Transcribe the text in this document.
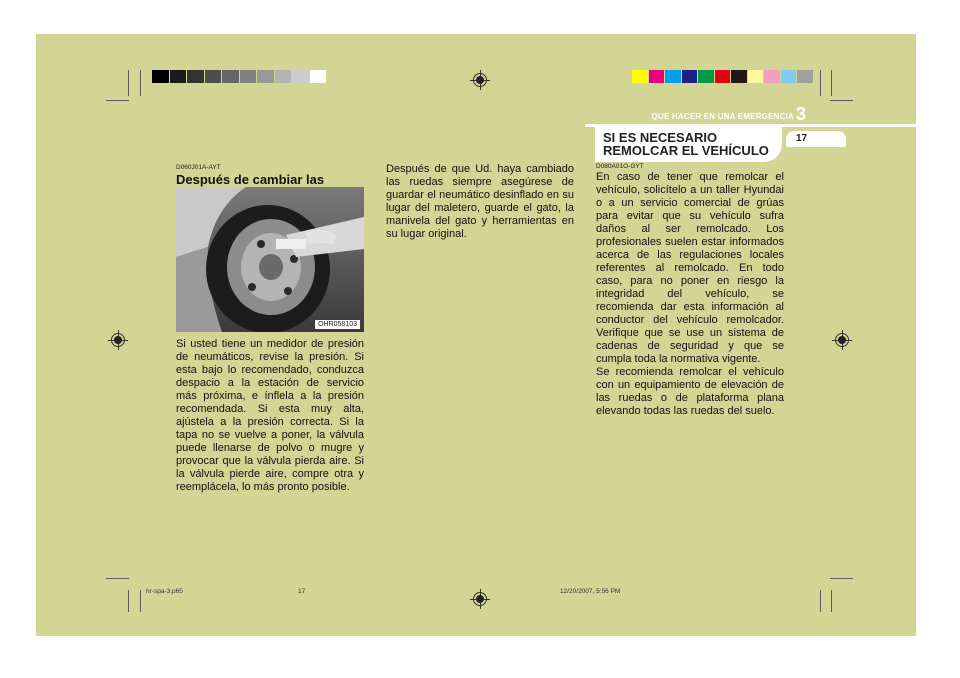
QUE HACER EN UNA EMERGENCIA 3
SI ES NECESARIO REMOLCAR EL VEHÍCULO
17
D060J01A-AYT
Después de cambiar las
OHR058103
Si usted tiene un medidor de presión de neumáticos, revise la presión. Si esta bajo lo recomendado, conduzca despacio a la estación de servicio más próxima, e ínflela a la presión recomendada. Si esta muy alta, ajústela a la presión correcta. Si la tapa no se vuelve a poner, la válvula puede llenarse de polvo o mugre y provocar que la válvula pierda aire. Si la válvula pierde aire, compre otra y reemplácela, lo más pronto posible.
Después de que Ud. haya cambiado las ruedas siempre asegúrese de guardar el neumático desinflado en su lugar del maletero, guarde el gato, la manivela del gato y herramientas en su lugar original.
D080A01O-GYT
En caso de tener que remolcar el vehículo, solicítelo a un taller Hyundai o a un servicio comercial de grúas para evitar que su vehículo sufra daños al ser remolcado. Los profesionales suelen estar informados acerca de las regulaciones locales referentes al remolcado. En todo caso, para no poner en riesgo la integridad del vehículo, se recomienda dar esta información al conductor del vehículo remolcador. Verifique que se use un sistema de cadenas de seguridad y que se cumpla toda la normativa vigente.
Se recomienda remolcar el vehículo con un equipamiento de elevación de las ruedas o de plataforma plana elevando todas las ruedas del suelo.
hr-spa-3.p65	17	12/20/2007, 5:56 PM
